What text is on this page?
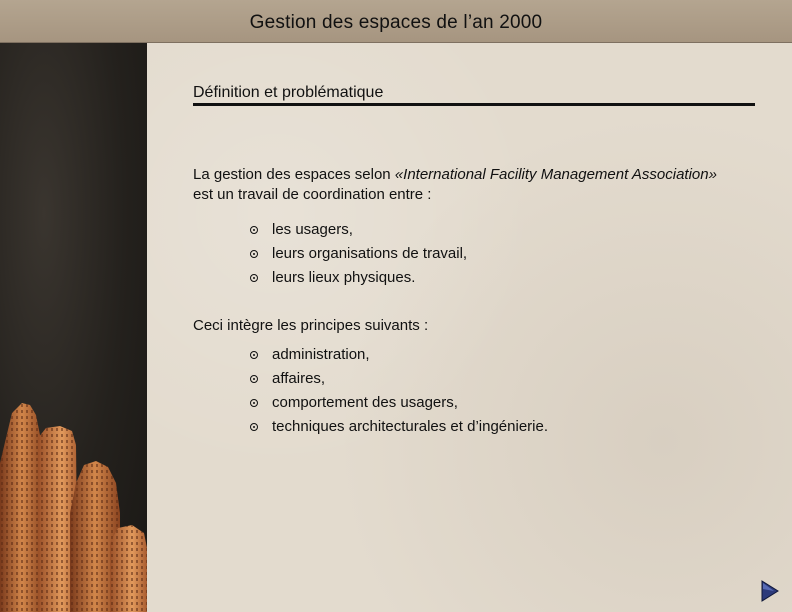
Gestion des espaces de l’an 2000
Définition et problématique
La gestion des espaces selon «International Facility Management Association» est un travail de coordination entre :
les usagers,
leurs organisations de travail,
leurs lieux physiques.
Ceci intègre les principes suivants :
administration,
affaires,
comportement des usagers,
techniques architecturales et d’ingénierie.
